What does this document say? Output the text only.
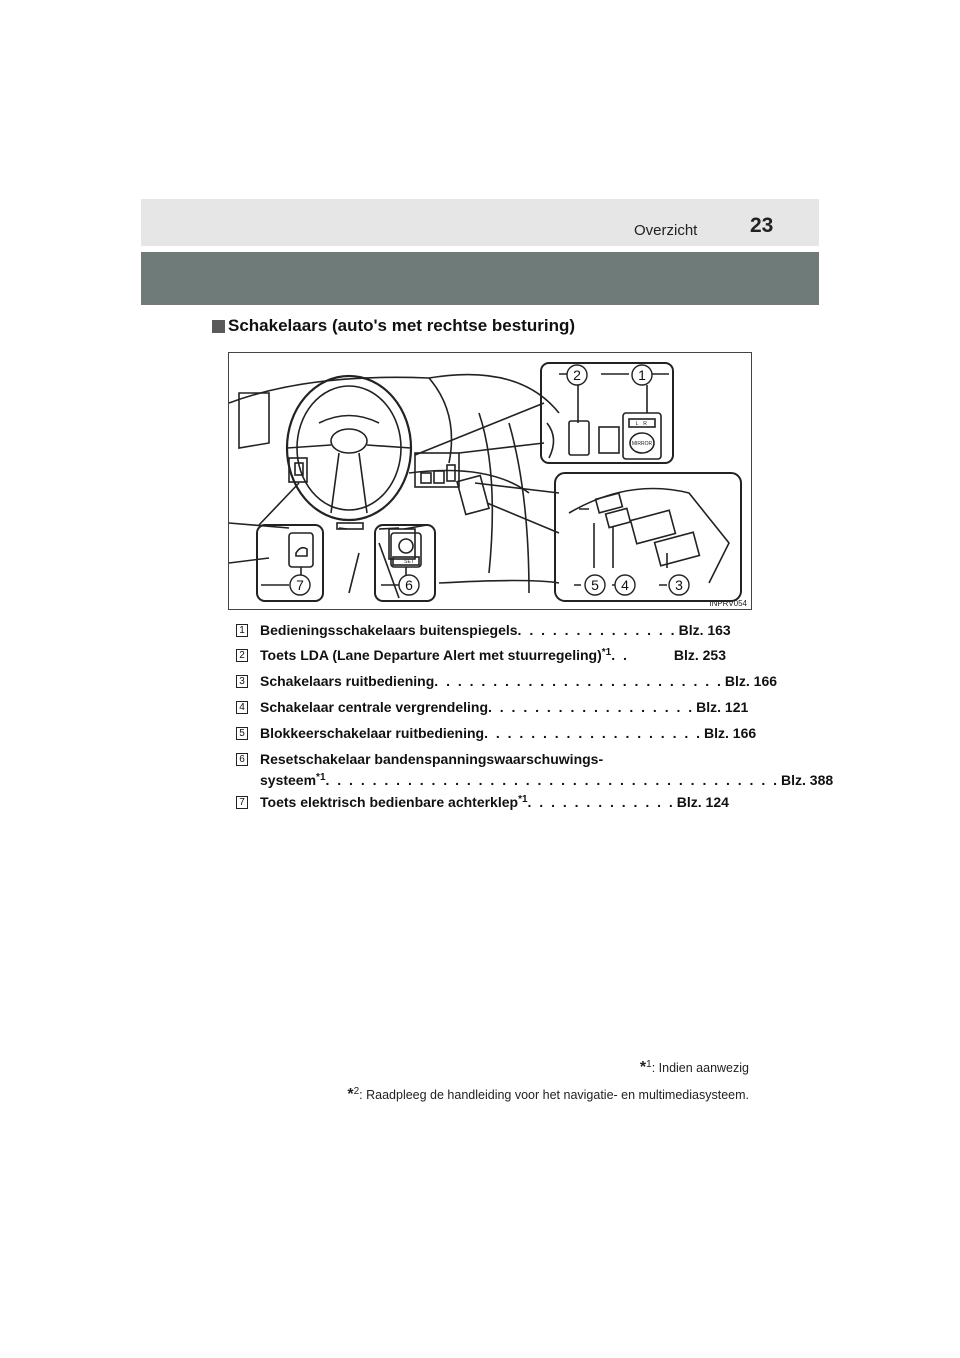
Overzicht	23
Schakelaars (auto's met rechtse besturing)
1
2
3
4
5
6
7
L R
MIRROR
SET
INPRV054
1 Bedieningsschakelaars buitenspiegels . . . . . . . . . . . . . . Blz. 163
2 Toets LDA (Lane Departure Alert met stuurregeling) *1 . .	Blz. 253
3 Schakelaars ruitbediening . . . . . . . . . . . . . . . . . . . . . . . . . Blz. 166
4 Schakelaar centrale vergrendeling . . . . . . . . . . . . . . . . . . Blz. 121
5 Blokkeerschakelaar ruitbediening . . . . . . . . . . . . . . . . . . . Blz. 166
6 Resetschakelaar bandenspanningswaarschuwings-
systeem *1 . . . . . . . . . . . . . . . . . . . . . . . . . . . . . . . . . . . . . . . Blz. 388
7 Toets elektrisch bedienbare achterklep *1 . . . . . . . . . . . . . Blz. 124
*$^1$: Indien aanwezig
*$^2$: Raadpleeg de handleiding voor het navigatie- en multimediasysteem.
